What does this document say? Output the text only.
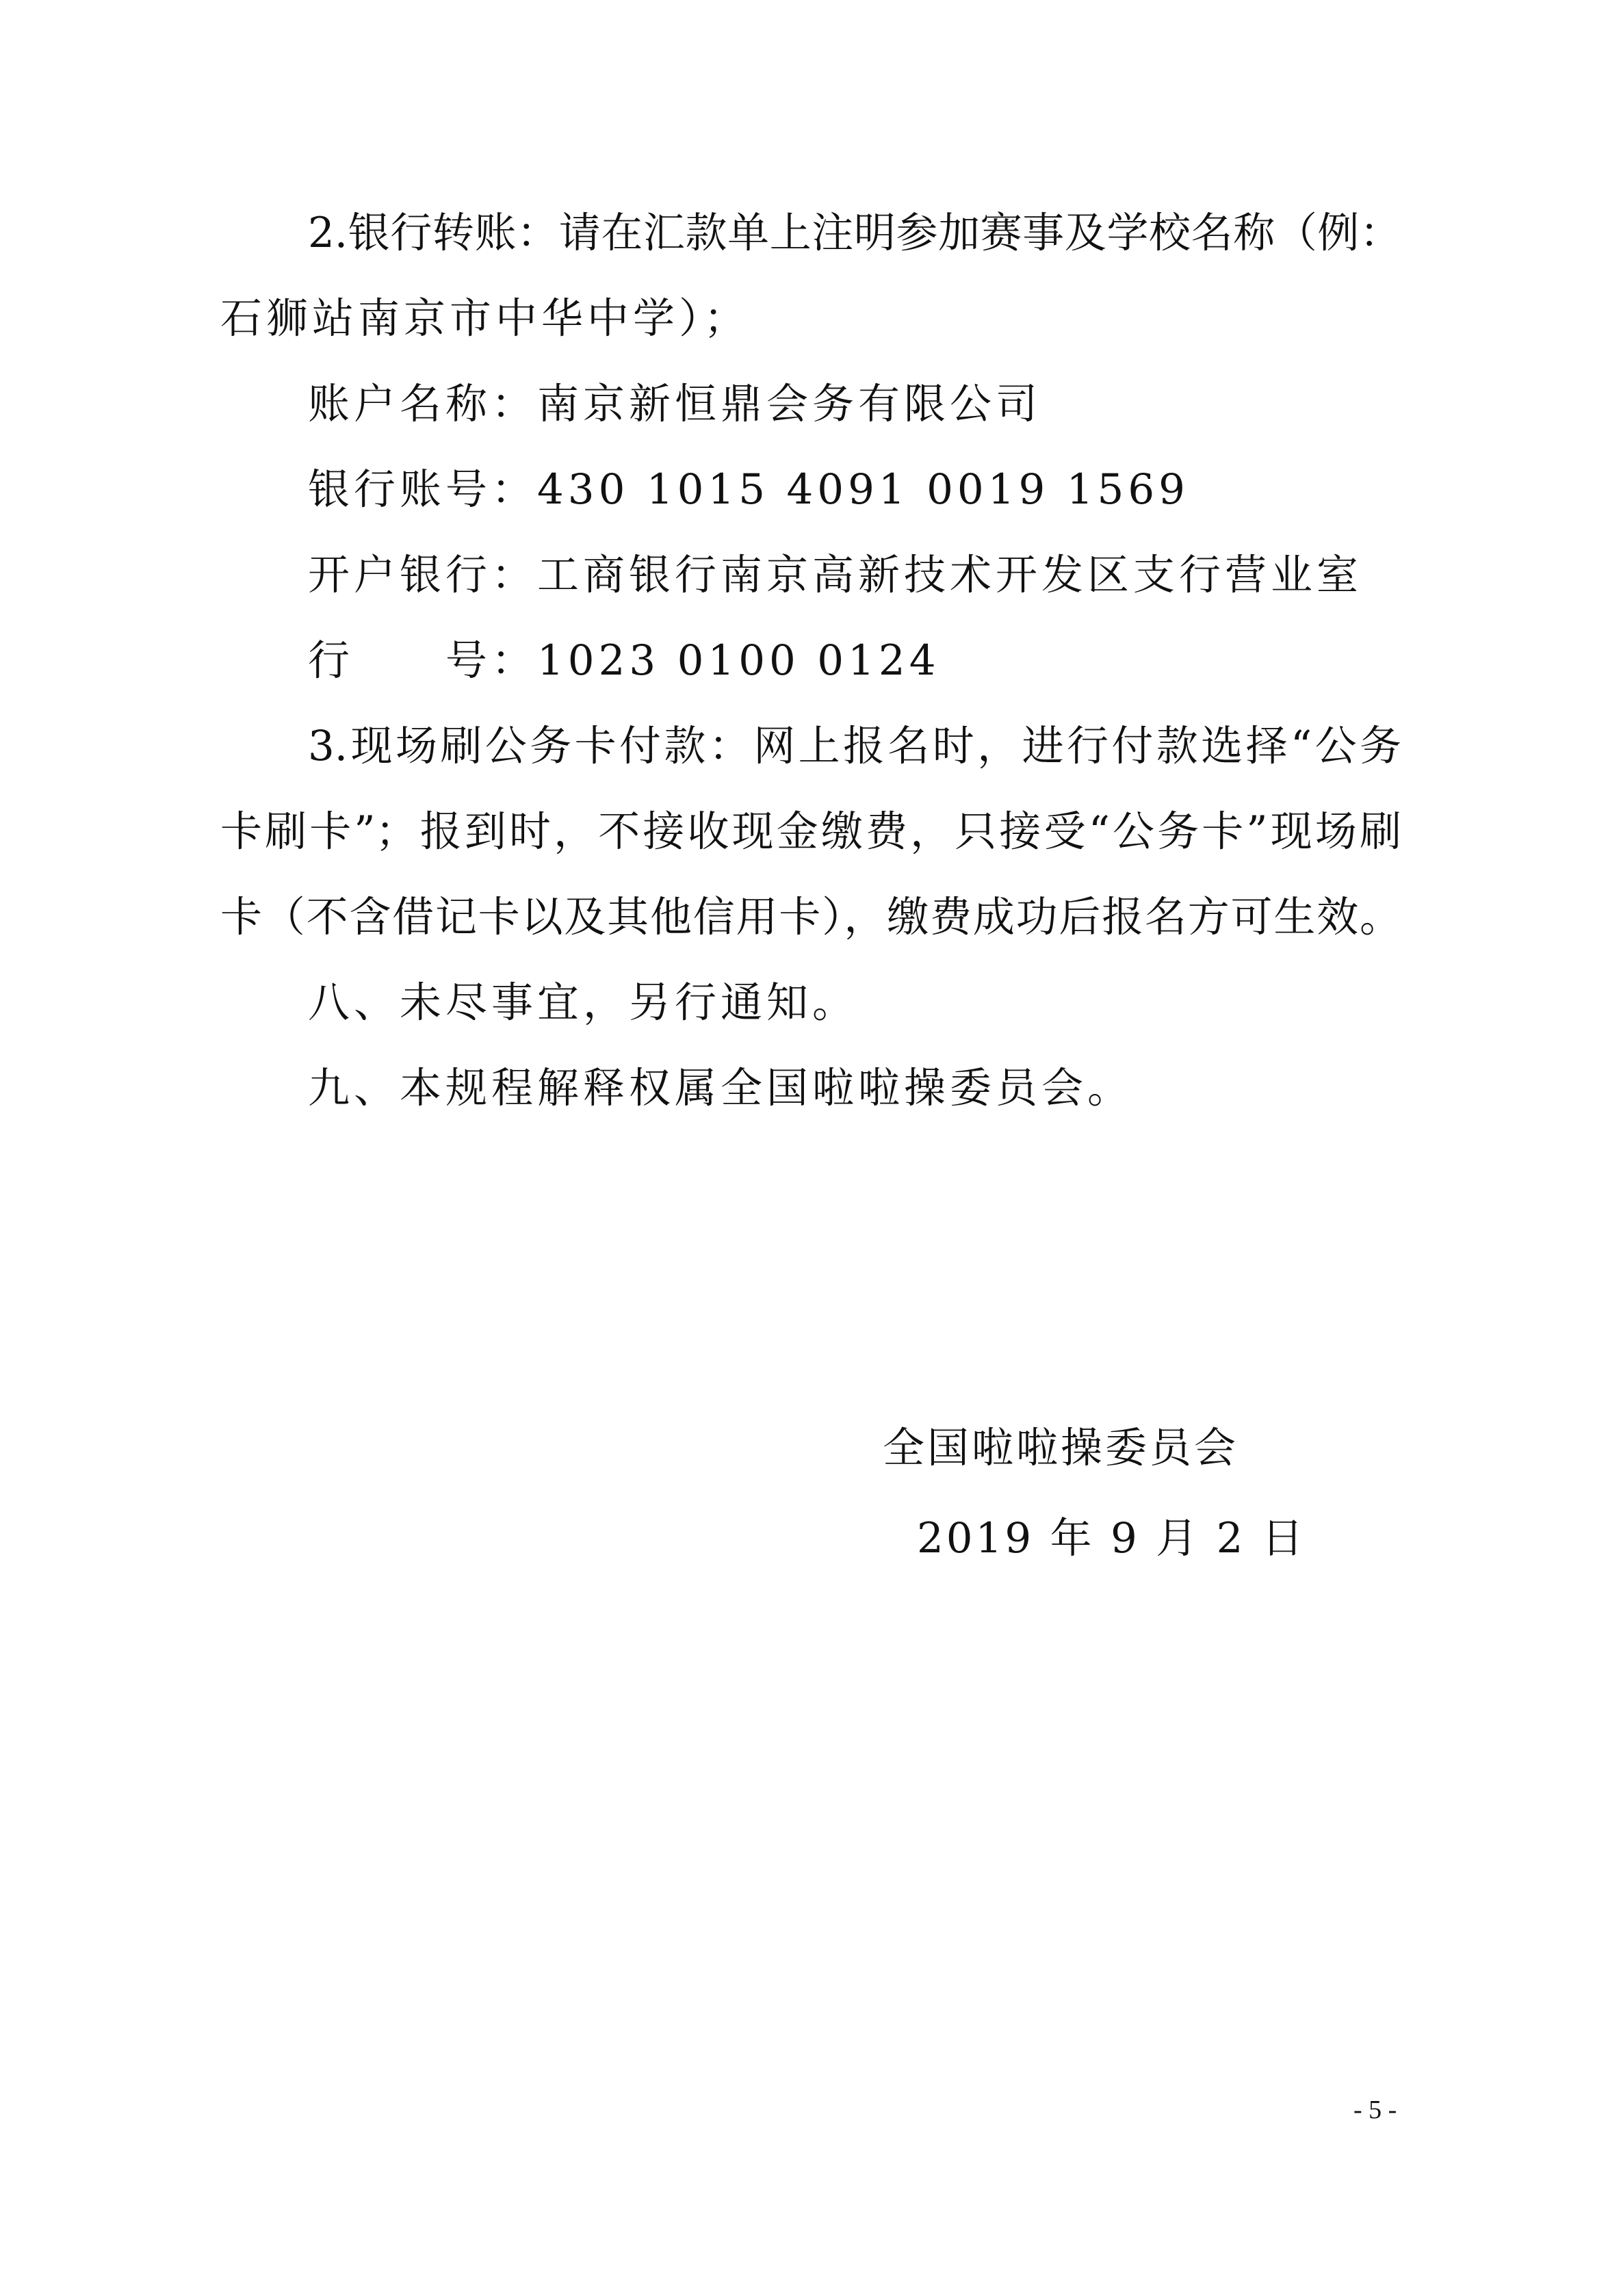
2.银行转账：请在汇款单上注明参加赛事及学校名称（例：
石狮站南京市中华中学）；
账户名称：南京新恒鼎会务有限公司
银行账号：430 1015 4091 0019 1569
开户银行：工商银行南京高新技术开发区支行营业室
行　　号：1023 0100 0124
3.现场刷公务卡付款：网上报名时，进行付款选择“公务
卡刷卡”；报到时，不接收现金缴费，只接受“公务卡”现场刷
卡（不含借记卡以及其他信用卡），缴费成功后报名方可生效。
八、未尽事宜，另行通知。
九、本规程解释权属全国啦啦操委员会。
全国啦啦操委员会
2019 年 9 月 2 日
- 5 -
